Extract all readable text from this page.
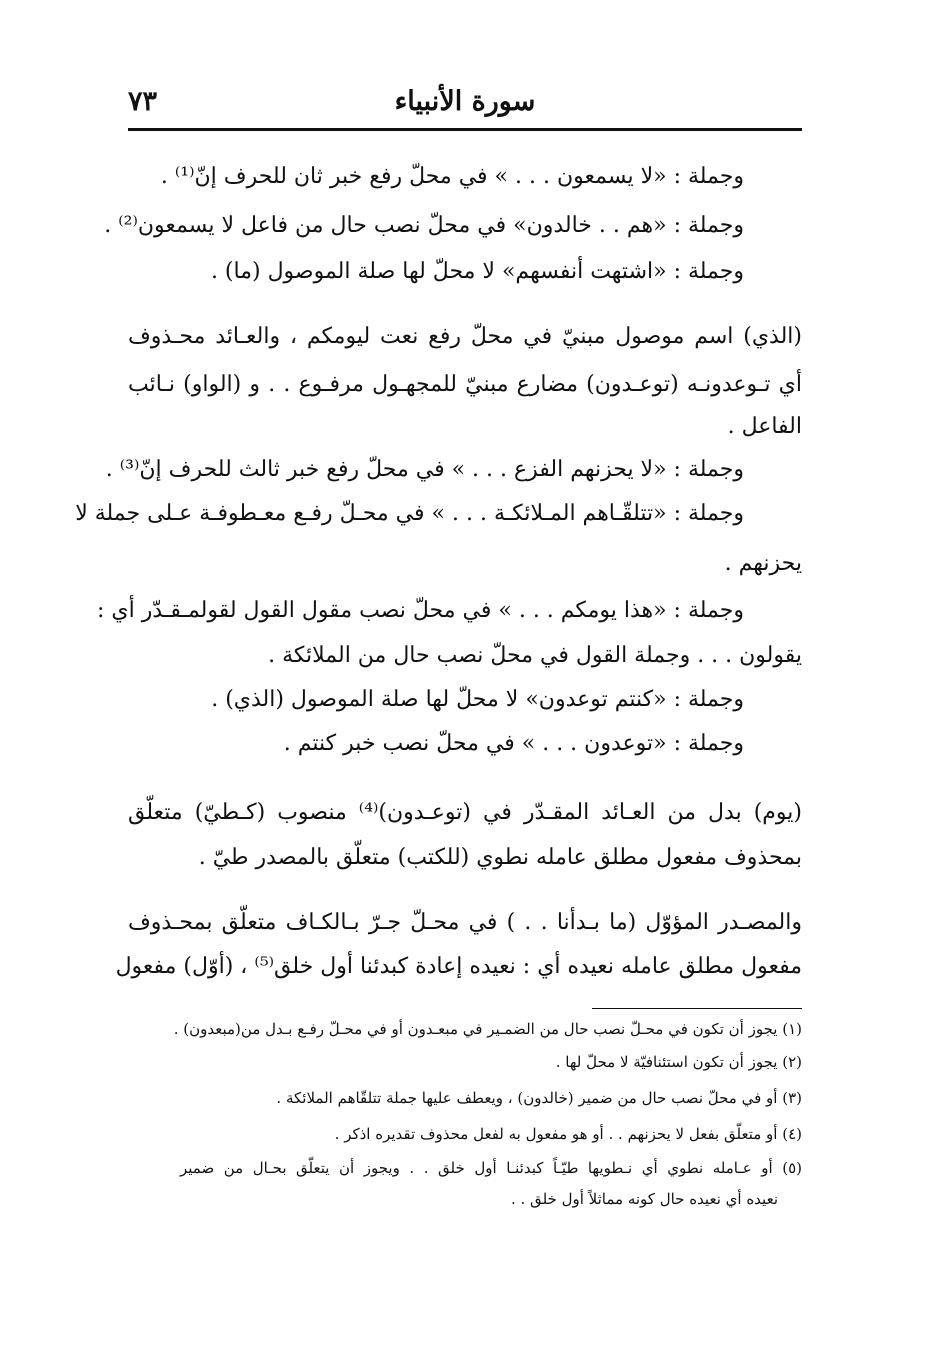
سورة الأنبياء
٧٣
وجملة : «لا يسمعون . . . » في محلّ رفع خبر ثان للحرف إنّ⁽¹⁾ .
وجملة : «هم . . خالدون» في محلّ نصب حال من فاعل لا يسمعون⁽²⁾ .
وجملة : «اشتهت أنفسهم» لا محلّ لها صلة الموصول (ما) .
(الذي) اسم موصول مبنيّ في محلّ رفع نعت ليومكم ، والعـائد محـذوف
أي تـوعدونـه (توعـدون) مضارع مبنيّ للمجهـول مرفـوع . . و (الواو) نـائب
الفاعل .
وجملة : «لا يحزنهم الفزع . . . » في محلّ رفع خبر ثالث للحرف إنّ⁽³⁾ .
وجملة : «تتلقّـاهم المـلائكـة . . . » في محـلّ رفـع معـطوفـة عـلى جملة لا
يحزنهم .
وجملة : «هذا يومكم . . . » في محلّ نصب مقول القول لقولمـقـدّر أي :
يقولون . . . وجملة القول في محلّ نصب حال من الملائكة .
وجملة : «كنتم توعدون» لا محلّ لها صلة الموصول (الذي) .
وجملة : «توعدون . . . » في محلّ نصب خبر كنتم .
(يوم) بدل من العـائد المقـدّر في (توعـدون)⁽⁴⁾ منصوب (كـطيّ) متعلّق
بمحذوف مفعول مطلق عامله نطوي (للكتب) متعلّق بالمصدر طيّ .
والمصـدر المؤوّل (ما بـدأنا . . ) في محـلّ جـرّ بـالكـاف متعلّق بمحـذوف
مفعول مطلق عامله نعيده أي : نعيده إعادة كبدئنا أول خلق⁽⁵⁾ ، (أوّل) مفعول
(١) يجوز أن تكون في محـلّ نصب حال من الضمـير في مبعـدون أو في محـلّ رفـع بـدل من(مبعدون) .
(٢) يجوز أن تكون استئنافيّة لا محلّ لها .
(٣) أو في محلّ نصب حال من ضمير (خالدون) ، ويعطف عليها جملة تتلقّاهم الملائكة .
(٤) أو متعلّق بفعل لا يحزنهم . . أو هو مفعول به لفعل محذوف تقديره اذكر .
(٥) أو عـامله نطوي أي نـطويها طيّـاً كبدئنـا أول خلق . . ويجوز أن يتعلّق بحـال من ضمير
نعيده أي نعيده حال كونه مماثلاً أول خلق . .
